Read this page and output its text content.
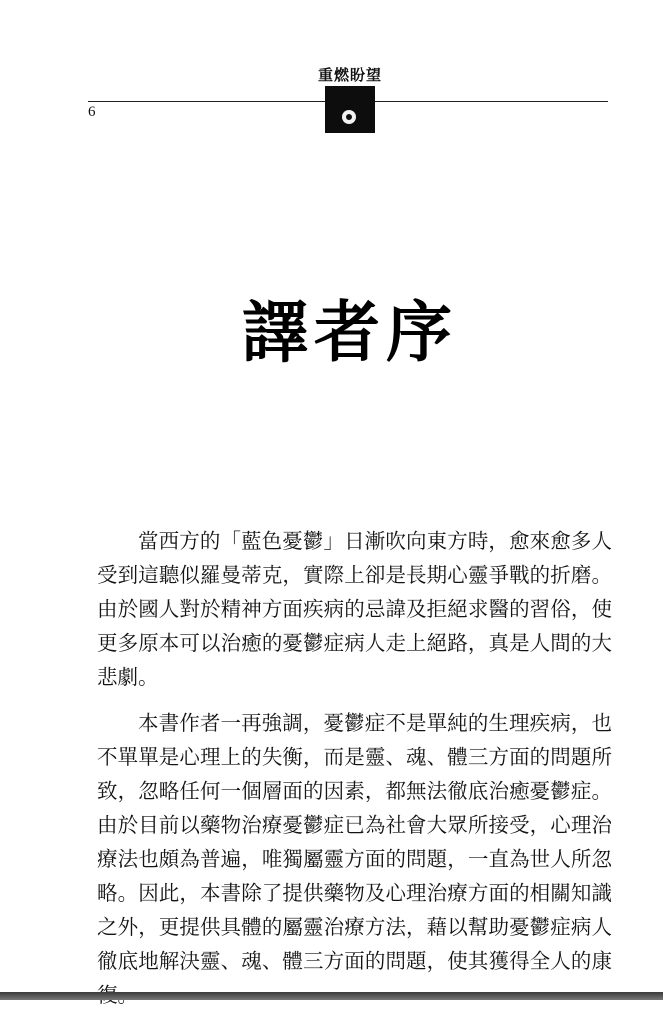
重燃盼望
6
譯者序

當西方的「藍色憂鬱」日漸吹向東方時，愈來愈多人受到這聽似羅曼蒂克，實際上卻是長期心靈爭戰的折磨。由於國人對於精神方面疾病的忌諱及拒絕求醫的習俗，使更多原本可以治癒的憂鬱症病人走上絕路，真是人間的大悲劇。

本書作者一再強調，憂鬱症不是單純的生理疾病，也不單單是心理上的失衡，而是靈、魂、體三方面的問題所致，忽略任何一個層面的因素，都無法徹底治癒憂鬱症。由於目前以藥物治療憂鬱症已為社會大眾所接受，心理治療法也頗為普遍，唯獨屬靈方面的問題，一直為世人所忽略。因此，本書除了提供藥物及心理治療方面的相關知識之外，更提供具體的屬靈治療方法，藉以幫助憂鬱症病人徹底地解決靈、魂、體三方面的問題，使其獲得全人的康
